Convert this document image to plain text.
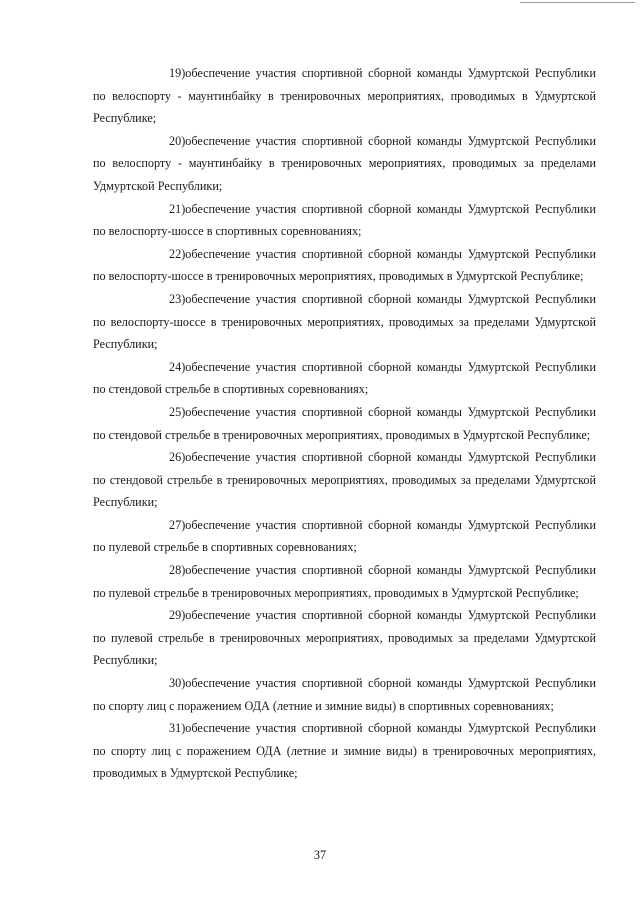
19)обеспечение участия спортивной сборной команды Удмуртской Республики по велоспорту - маунтинбайку в тренировочных мероприятиях, проводимых в Удмуртской Республике;

20)обеспечение участия спортивной сборной команды Удмуртской Республики по велоспорту - маунтинбайку в тренировочных мероприятиях, проводимых за пределами Удмуртской Республики;

21)обеспечение участия спортивной сборной команды Удмуртской Республики по велоспорту-шоссе в спортивных соревнованиях;

22)обеспечение участия спортивной сборной команды Удмуртской Республики по велоспорту-шоссе в тренировочных мероприятиях, проводимых в Удмуртской Республике;

23)обеспечение участия спортивной сборной команды Удмуртской Республики по велоспорту-шоссе в тренировочных мероприятиях, проводимых за пределами Удмуртской Республики;

24)обеспечение участия спортивной сборной команды Удмуртской Республики по стендовой стрельбе в спортивных соревнованиях;

25)обеспечение участия спортивной сборной команды Удмуртской Республики по стендовой стрельбе в тренировочных мероприятиях, проводимых в Удмуртской Республике;

26)обеспечение участия спортивной сборной команды Удмуртской Республики по стендовой стрельбе в тренировочных мероприятиях, проводимых за пределами Удмуртской Республики;

27)обеспечение участия спортивной сборной команды Удмуртской Республики по пулевой стрельбе в спортивных соревнованиях;

28)обеспечение участия спортивной сборной команды Удмуртской Республики по пулевой стрельбе в тренировочных мероприятиях, проводимых в Удмуртской Республике;

29)обеспечение участия спортивной сборной команды Удмуртской Республики по пулевой стрельбе в тренировочных мероприятиях, проводимых за пределами Удмуртской Республики;

30)обеспечение участия спортивной сборной команды Удмуртской Республики по спорту лиц с поражением ОДА (летние и зимние виды) в спортивных соревнованиях;

31)обеспечение участия спортивной сборной команды Удмуртской Республики по спорту лиц с поражением ОДА (летние и зимние виды) в тренировочных мероприятиях, проводимых в Удмуртской Республике;

37
